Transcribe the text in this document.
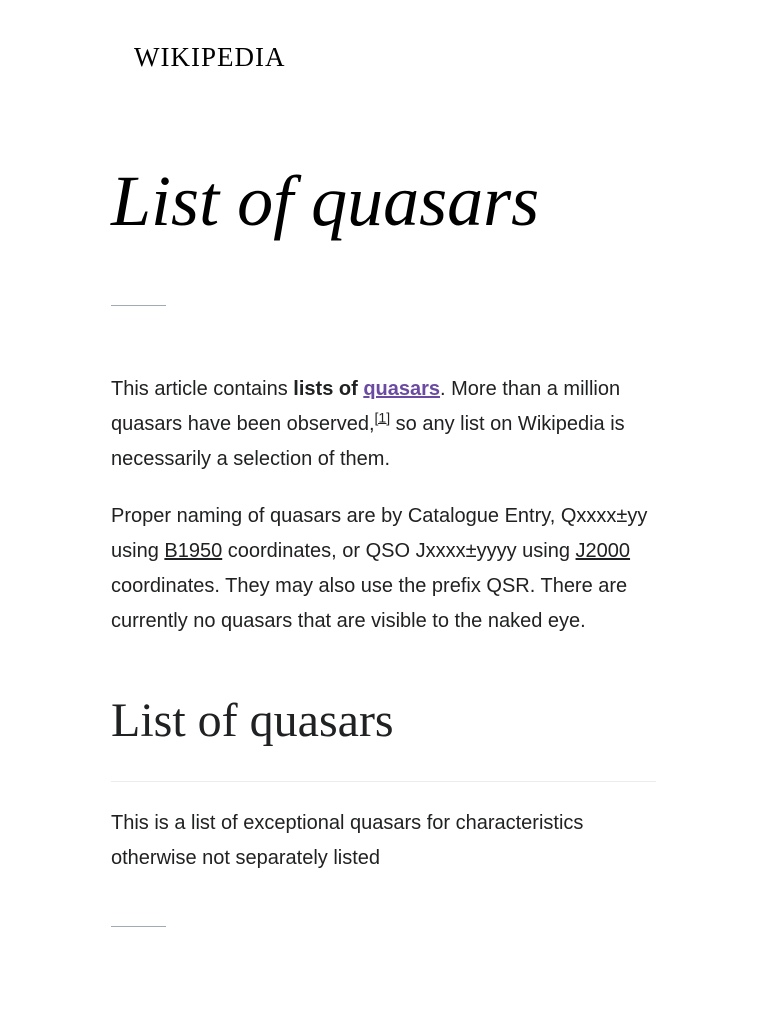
WIKIPEDIA
List of quasars

This article contains lists of quasars. More than a million quasars have been observed,[1] so any list on Wikipedia is necessarily a selection of them.

Proper naming of quasars are by Catalogue Entry, Qxxxx±yy using B1950 coordinates, or QSO Jxxxx±yyyy using J2000 coordinates. They may also use the prefix QSR. There are currently no quasars that are visible to the naked eye.

List of quasars

This is a list of exceptional quasars for characteristics otherwise not separately listed
